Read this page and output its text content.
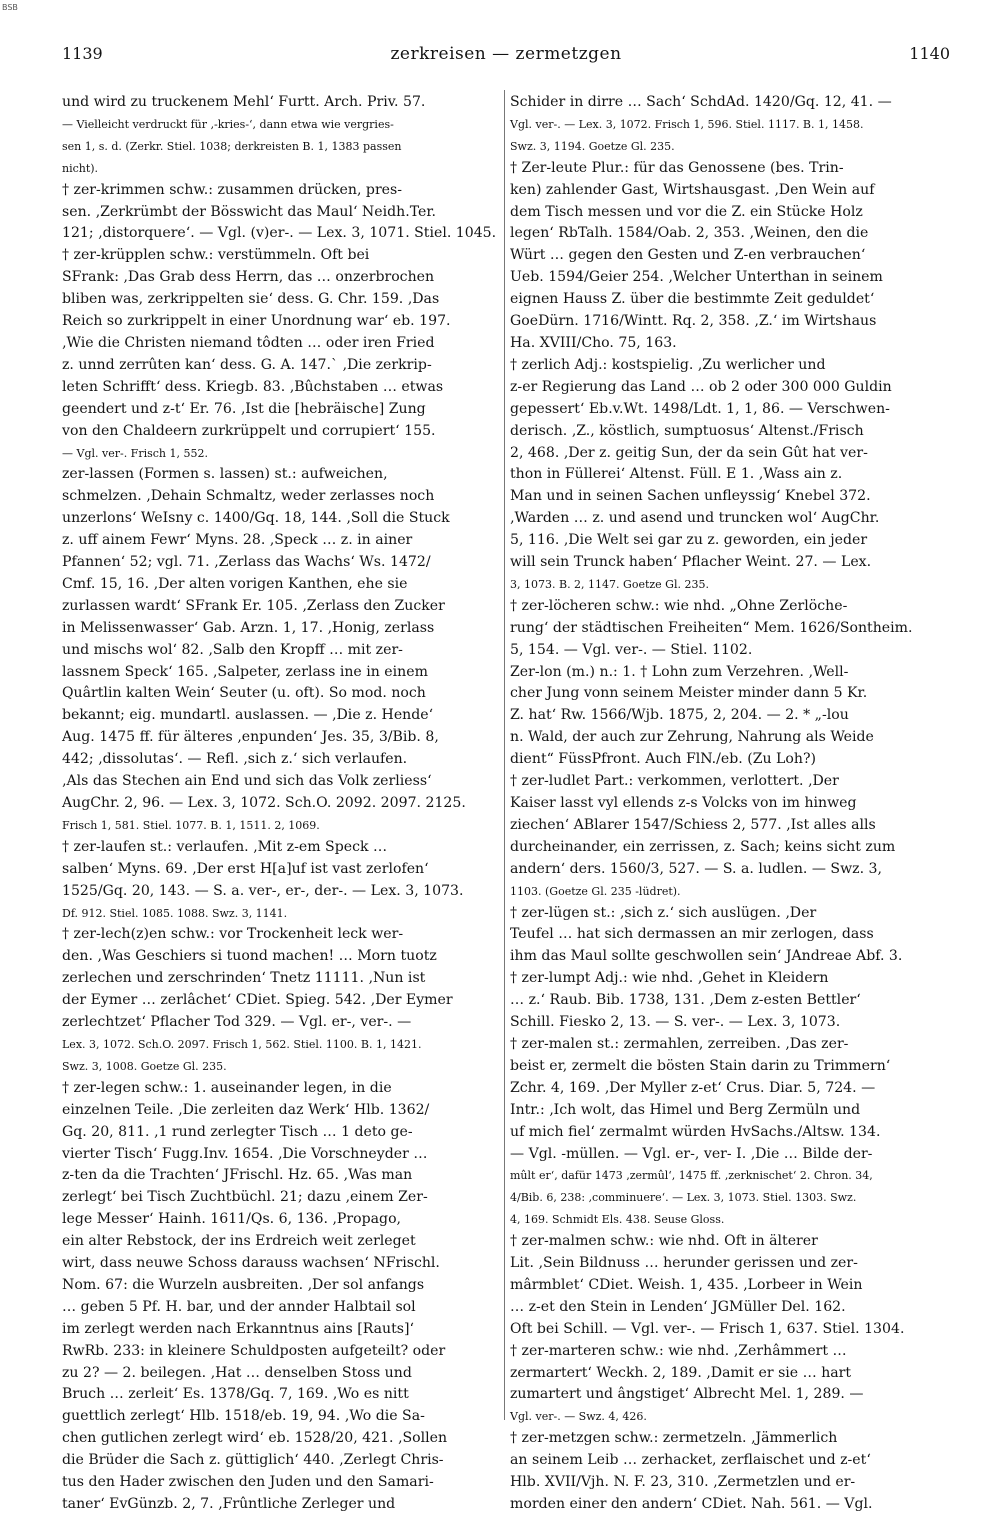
BSB
1139	zerkreisen — zermetzgen	1140

und wird zu truckenem Mehl‘ Furtt. Arch. Priv. 57.

— Vielleicht verdruckt für ‚-kries-‘, dann etwa wie vergries-

sen 1, s. d. (Zerkr. Stiel. 1038; derkreisten B. 1, 1383 passen

nicht).

† zer-krimmen schw.: zusammen drücken, pres-

sen. ‚Zerkrümbt der Bösswicht das Maul‘ Neidh.Ter.

121; ‚distorquere‘. — Vgl. (v)er-. — Lex. 3, 1071. Stiel. 1045.

† zer-krüpplen schw.: verstümmeln. Oft bei

SFrank: ‚Das Grab dess Herrn, das … onzerbrochen

bliben was, zerkrippelten sie‘ dess. G. Chr. 159. ‚Das

Reich so zurkrippelt in einer Unordnung war‘ eb. 197.

‚Wie die Christen niemand tôdten … oder iren Fried

z. unnd zerrûten kan‘ dess. G. A. 147.ˋ ‚Die zerkrip-

leten Schrifft‘ dess. Kriegb. 83. ‚Bûchstaben … etwas

geendert und z-t‘ Er. 76. ‚Ist die [hebräische] Zung

von den Chaldeern zurkrüppelt und corrupiert‘ 155.

— Vgl. ver-. Frisch 1, 552.

zer-lassen (Formen s. lassen) st.: aufweichen,

schmelzen. ‚Dehain Schmaltz, weder zerlasses noch

unzerlons‘ WeIsny c. 1400/Gq. 18, 144. ‚Soll die Stuck

z. uff ainem Fewr‘ Myns. 28. ‚Speck … z. in ainer

Pfannen‘ 52; vgl. 71. ‚Zerlass das Wachs‘ Ws. 1472/

Cmf. 15, 16. ‚Der alten vorigen Kanthen, ehe sie

zurlassen wardt‘ SFrank Er. 105. ‚Zerlass den Zucker

in Melissenwasser‘ Gab. Arzn. 1, 17. ‚Honig, zerlass

und mischs wol‘ 82. ‚Salb den Kropff … mit zer-

lassnem Speck‘ 165. ‚Salpeter, zerlass ine in einem

Quârtlin kalten Wein‘ Seuter (u. oft). So mod. noch

bekannt; eig. mundartl. auslassen. — ‚Die z. Hende‘

Aug. 1475 ff. für älteres ‚enpunden‘ Jes. 35, 3/Bib. 8,

442; ‚dissolutas‘. — Refl. ‚sich z.‘ sich verlaufen.

‚Als das Stechen ain End und sich das Volk zerliess‘

AugChr. 2, 96. — Lex. 3, 1072. Sch.O. 2092. 2097. 2125.

Frisch 1, 581. Stiel. 1077. B. 1, 1511. 2, 1069.

† zer-laufen st.: verlaufen. ‚Mit z-em Speck …

salben‘ Myns. 69. ‚Der erst H[a]uf ist vast zerlofen‘

1525/Gq. 20, 143. — S. a. ver-, er-, der-. — Lex. 3, 1073.

Df. 912. Stiel. 1085. 1088. Swz. 3, 1141.

† zer-lech(z)en schw.: vor Trockenheit leck wer-

den. ‚Was Geschiers si tuond machen! … Morn tuotz

zerlechen und zerschrinden‘ Tnetz 11111. ‚Nun ist

der Eymer … zerlâchet‘ CDiet. Spieg. 542. ‚Der Eymer

zerlechtzet‘ Pflacher Tod 329. — Vgl. er-, ver-. —

Lex. 3, 1072. Sch.O. 2097. Frisch 1, 562. Stiel. 1100. B. 1, 1421.

Swz. 3, 1008. Goetze Gl. 235.

† zer-legen schw.: 1. auseinander legen, in die

einzelnen Teile. ‚Die zerleiten daz Werk‘ Hlb. 1362/

Gq. 20, 811. ‚1 rund zerlegter Tisch … 1 deto ge-

vierter Tisch‘ Fugg.Inv. 1654. ‚Die Vorschneyder …

z-ten da die Trachten‘ JFrischl. Hz. 65. ‚Was man

zerlegt‘ bei Tisch Zuchtbüchl. 21; dazu ‚einem Zer-

lege Messer‘ Hainh. 1611/Qs. 6, 136. ‚Propago,

ein alter Rebstock, der ins Erdreich weit zerleget

wirt, dass neuwe Schoss darauss wachsen‘ NFrischl.

Nom. 67: die Wurzeln ausbreiten. ‚Der sol anfangs

… geben 5 Pf. H. bar, und der annder Halbtail sol

im zerlegt werden nach Erkanntnus ains [Rauts]‘

RwRb. 233: in kleinere Schuldposten aufgeteilt? oder

zu 2? — 2. beilegen. ‚Hat … denselben Stoss und

Bruch … zerleit‘ Es. 1378/Gq. 7, 169. ‚Wo es nitt

guettlich zerlegt‘ Hlb. 1518/eb. 19, 94. ‚Wo die Sa-

chen gutlichen zerlegt wird‘ eb. 1528/20, 421. ‚Sollen

die Brüder die Sach z. güttiglich‘ 440. ‚Zerlegt Chris-

tus den Hader zwischen den Juden und den Samari-

taner‘ EvGünzb. 2, 7. ‚Frûntliche Zerleger und

Schider in dirre … Sach‘ SchdAd. 1420/Gq. 12, 41. —

Vgl. ver-. — Lex. 3, 1072. Frisch 1, 596. Stiel. 1117. B. 1, 1458.

Swz. 3, 1194. Goetze Gl. 235.

† Zer-leute Plur.: für das Genossene (bes. Trin-

ken) zahlender Gast, Wirtshausgast. ‚Den Wein auf

dem Tisch messen und vor die Z. ein Stücke Holz

legen‘ RbTalh. 1584/Oab. 2, 353. ‚Weinen, den die

Würt … gegen den Gesten und Z-en verbrauchen‘

Ueb. 1594/Geier 254. ‚Welcher Unterthan in seinem

eignen Hauss Z. über die bestimmte Zeit geduldet‘

GoeDürn. 1716/Wintt. Rq. 2, 358. ‚Z.‘ im Wirtshaus

Ha. XVIII/Cho. 75, 163.

† zerlich Adj.: kostspielig. ‚Zu werlicher und

z-er Regierung das Land … ob 2 oder 300 000 Guldin

gepessert‘ Eb.v.Wt. 1498/Ldt. 1, 1, 86. — Verschwen-

derisch. ‚Z., köstlich, sumptuosus‘ Altenst./Frisch

2, 468. ‚Der z. geitig Sun, der da sein Gût hat ver-

thon in Füllerei‘ Altenst. Füll. E 1. ‚Wass ain z.

Man und in seinen Sachen unfleyssig‘ Knebel 372.

‚Warden … z. und asend und truncken wol‘ AugChr.

5, 116. ‚Die Welt sei gar zu z. geworden, ein jeder

will sein Trunck haben‘ Pflacher Weint. 27. — Lex.

3, 1073. B. 2, 1147. Goetze Gl. 235.

† zer-löcheren schw.: wie nhd. „Ohne Zerlöche-

rung‘ der städtischen Freiheiten“ Mem. 1626/Sontheim.

5, 154. — Vgl. ver-. — Stiel. 1102.

Zer-lon (m.) n.: 1. † Lohn zum Verzehren. ‚Well-

cher Jung vonn seinem Meister minder dann 5 Kr.

Z. hat‘ Rw. 1566/Wjb. 1875, 2, 204. — 2. * „-lou

n. Wald, der auch zur Zehrung, Nahrung als Weide

dient“ FüssPfront. Auch FlN./eb. (Zu Loh?)

† zer-ludlet Part.: verkommen, verlottert. ‚Der

Kaiser lasst vyl ellends z-s Volcks von im hinweg

ziechen‘ ABlarer 1547/Schiess 2, 577. ‚Ist alles alls

durcheinander, ein zerrissen, z. Sach; keins sicht zum

andern‘ ders. 1560/3, 527. — S. a. ludlen. — Swz. 3,

1103. (Goetze Gl. 235 -lüdret).

† zer-lügen st.: ‚sich z.‘ sich auslügen. ‚Der

Teufel … hat sich dermassen an mir zerlogen, dass

ihm das Maul sollte geschwollen sein‘ JAndreae Abf. 3.

† zer-lumpt Adj.: wie nhd. ‚Gehet in Kleidern

… z.‘ Raub. Bib. 1738, 131. ‚Dem z-esten Bettler‘

Schill. Fiesko 2, 13. — S. ver-. — Lex. 3, 1073.

† zer-malen st.: zermahlen, zerreiben. ‚Das zer-

beist er, zermelt die bösten Stain darin zu Trimmern‘

Zchr. 4, 169. ‚Der Myller z-et‘ Crus. Diar. 5, 724. —

Intr.: ‚Ich wolt, das Himel und Berg Zermüln und

uf mich fiel‘ zermalmt würden HvSachs./Altsw. 134.

— Vgl. -müllen. — Vgl. er-, ver- I. ‚Die … Bilde der-

mûlt er‘, dafür 1473 ‚zermûl‘, 1475 ff. ‚zerknischet‘ 2. Chron. 34,

4/Bib. 6, 238: ‚comminuere‘. — Lex. 3, 1073. Stiel. 1303. Swz.

4, 169. Schmidt Els. 438. Seuse Gloss.

† zer-malmen schw.: wie nhd. Oft in älterer

Lit. ‚Sein Bildnuss … herunder gerissen und zer-

mârmblet‘ CDiet. Weish. 1, 435. ‚Lorbeer in Wein

… z-et den Stein in Lenden‘ JGMüller Del. 162.

Oft bei Schill. — Vgl. ver-. — Frisch 1, 637. Stiel. 1304.

† zer-marteren schw.: wie nhd. ‚Zerhâmmert …

zermartert‘ Weckh. 2, 189. ‚Damit er sie … hart

zumartert und ângstiget‘ Albrecht Mel. 1, 289. —

Vgl. ver-. — Swz. 4, 426.

† zer-metzgen schw.: zermetzeln. ‚Jämmerlich

an seinem Leib … zerhacket, zerflaischet und z-et‘

Hlb. XVII/Vjh. N. F. 23, 310. ‚Zermetzlen und er-

morden einer den andern‘ CDiet. Nah. 561. — Vgl.
